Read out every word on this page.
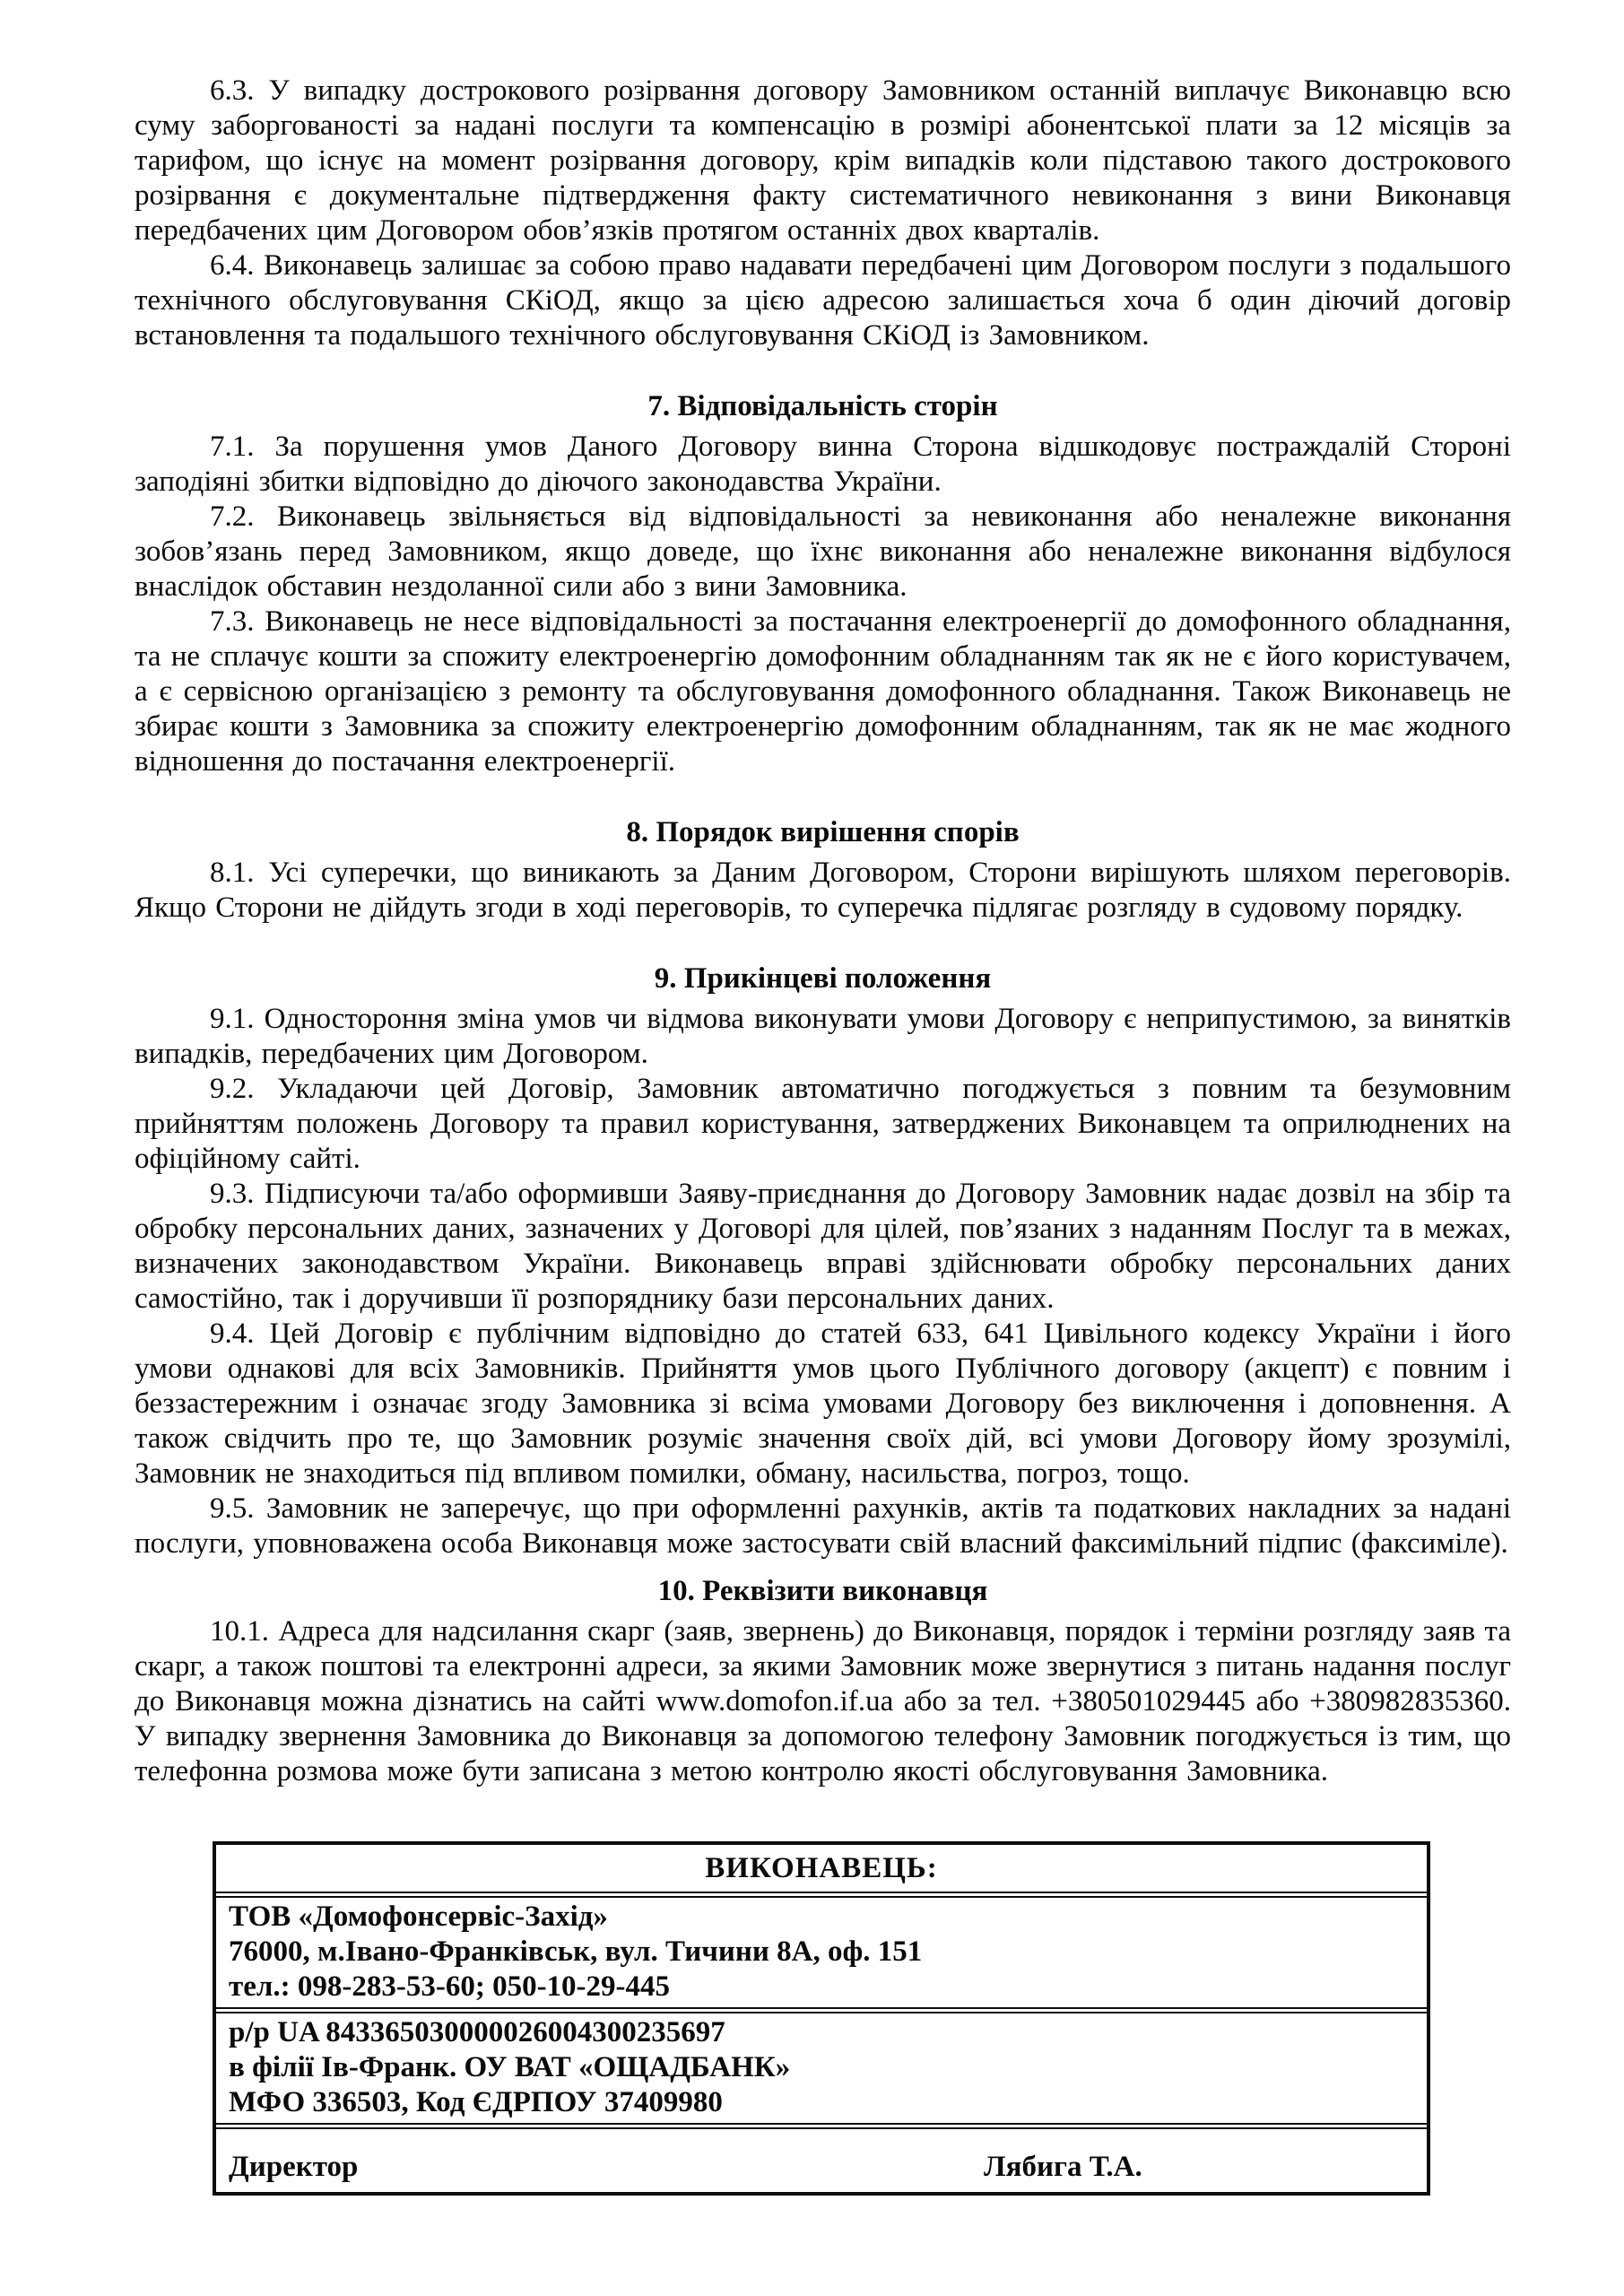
6.3. У випадку дострокового розірвання договору Замовником останній виплачує Виконавцю всю суму заборгованості за надані послуги та компенсацію в розмірі абонентської плати за 12 місяців за тарифом, що існує на момент розірвання договору, крім випадків коли підставою такого дострокового розірвання є документальне підтвердження факту систематичного невиконання з вини Виконавця передбачених цим Договором обов’язків протягом останніх двох кварталів.

6.4. Виконавець залишає за собою право надавати передбачені цим Договором послуги з подальшого технічного обслуговування СКіОД, якщо за цією адресою залишається хоча б один діючий договір встановлення та подальшого технічного обслуговування СКіОД із Замовником.

7. Відповідальність сторін

7.1. За порушення умов Даного Договору винна Сторона відшкодовує постраждалій Стороні заподіяні збитки відповідно до діючого законодавства України.

7.2. Виконавець звільняється від відповідальності за невиконання або неналежне виконання зобов’язань перед Замовником, якщо доведе, що їхнє виконання або неналежне виконання відбулося внаслідок обставин нездоланної сили або з вини Замовника.

7.3. Виконавець не несе відповідальності за постачання електроенергії до домофонного обладнання, та не сплачує кошти за спожиту електроенергію домофонним обладнанням так як не є його користувачем, а є сервісною організацією з ремонту та обслуговування домофонного обладнання. Також Виконавець не збирає кошти з Замовника за спожиту електроенергію домофонним обладнанням, так як не має жодного відношення до постачання електроенергії.

8. Порядок вирішення спорів

8.1. Усі суперечки, що виникають за Даним Договором, Сторони вирішують шляхом переговорів. Якщо Сторони не дійдуть згоди в ході переговорів, то суперечка підлягає розгляду в судовому порядку.

9. Прикінцеві положення

9.1. Одностороння зміна умов чи відмова виконувати умови Договору є неприпустимою, за винятків випадків, передбачених цим Договором.

9.2. Укладаючи цей Договір, Замовник автоматично погоджується з повним та безумовним прийняттям положень Договору та правил користування, затверджених Виконавцем та оприлюднених на офіційному сайті.

9.3. Підписуючи та/або оформивши Заяву-приєднання до Договору Замовник надає дозвіл на збір та обробку персональних даних, зазначених у Договорі для цілей, пов’язаних з наданням Послуг та в межах, визначених законодавством України. Виконавець вправі здійснювати обробку персональних даних самостійно, так і доручивши її розпоряднику бази персональних даних.

9.4. Цей Договір є публічним відповідно до статей 633, 641 Цивільного кодексу України і його умови однакові для всіх Замовників. Прийняття умов цього Публічного договору (акцепт) є повним і беззастережним і означає згоду Замовника зі всіма умовами Договору без виключення і доповнення. А також свідчить про те, що Замовник розуміє значення своїх дій, всі умови Договору йому зрозумілі, Замовник не знаходиться під впливом помилки, обману, насильства, погроз, тощо.

9.5. Замовник не заперечує, що при оформленні рахунків, актів та податкових накладних за надані послуги, уповноважена особа Виконавця може застосувати свій власний факсимільний підпис (факсиміле).

10. Реквізити виконавця

10.1. Адреса для надсилання скарг (заяв, звернень) до Виконавця, порядок і терміни розгляду заяв та скарг, а також поштові та електронні адреси, за якими Замовник може звернутися з питань надання послуг до Виконавця можна дізнатись на сайті www.domofon.if.ua або за тел. +380501029445 або +380982835360. У випадку звернення Замовника до Виконавця за допомогою телефону Замовник погоджується із тим, що телефонна розмова може бути записана з метою контролю якості обслуговування Замовника.

ВИКОНАВЕЦЬ:
ТОВ «Домофонсервіс-Захід»
76000, м.Івано-Франківськ, вул. Тичини 8А, оф. 151
тел.: 098-283-53-60; 050-10-29-445
р/р UA 843365030000026004300235697
в філії Ів-Франк. ОУ ВАТ «ОЩАДБАНК»
МФО 336503, Код ЄДРПОУ 37409980
Директор	Лябига Т.А.
